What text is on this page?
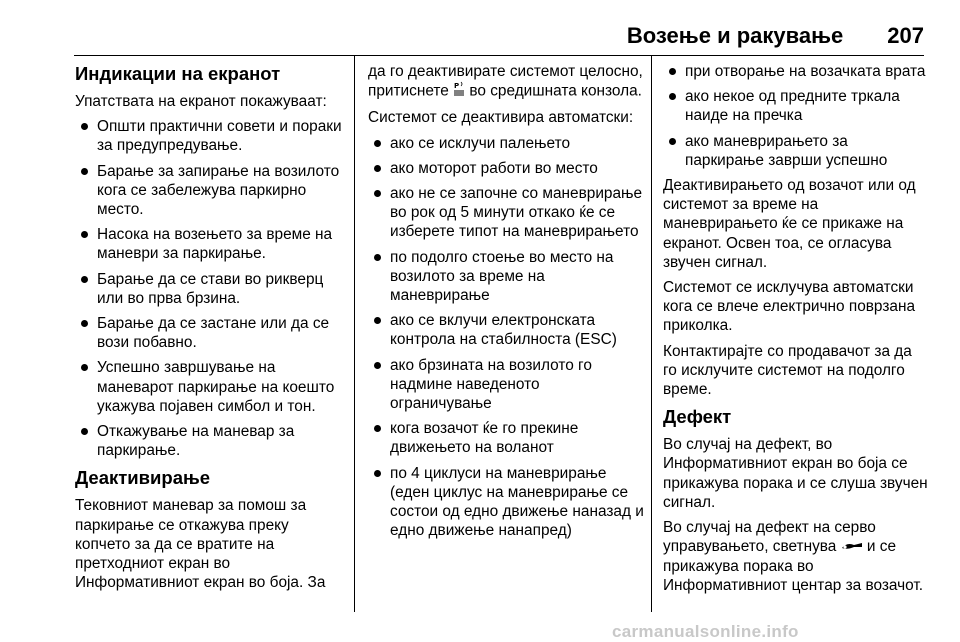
Возење и ракување 207
Индикации на екранот

Упатствата на екранот покажуваат:

Општи практични совети и пораки за предупредување.
Барање за запирање на возилото кога се забележува паркирно место.
Насока на возењето за време на маневри за паркирање.
Барање да се стави во рикверц или во прва брзина.
Барање да се застане или да се вози побавно.
Успешно завршување на маневарот паркирање на коешто укажува појавен симбол и тон.
Откажување на маневар за паркирање.
Деактивирање

Тековниот маневар за помош за паркирање се откажува преку копчето за да се вратите на претходниот екран во Информативниот екран во боја. За

да го деактивирате системот целосно, притиснете P во средишната конзола.

Системот се деактивира автоматски:

ако се исклучи палењето
ако моторот работи во место
ако не се започне со маневрирање во рок од 5 минути откако ќе се изберете типот на маневрирањето
по подолго стоење во место на возилото за време на маневрирање
ако се вклучи електронската контрола на стабилноста (ESC)
ако брзината на возилото го надмине наведеното ограничување
кога возачот ќе го прекине движењето на воланот
по 4 циклуси на маневрирање (еден циклус на маневрирање се состои од едно движење наназад и едно движење нанапред)
при отворање на возачката врата
ако некое од предните тркала наиде на пречка
ако маневрирањето за паркирање заврши успешно

Деактивирањето од возачот или од системот за време на маневрирањето ќе се прикаже на екранот. Освен тоа, се огласува звучен сигнал.

Системот се исклучува автоматски кога се влече електрично поврзана приколка.

Контактирајте со продавачот за да го исклучите системот на подолго време.

Дефект

Во случај на дефект, во Информативниот екран во боја се прикажува порака и се слуша звучен сигнал.

Во случај на дефект на серво управувањето, светнува и се прикажува порака во Информативниот центар за возачот.

carmanualsonline.info
